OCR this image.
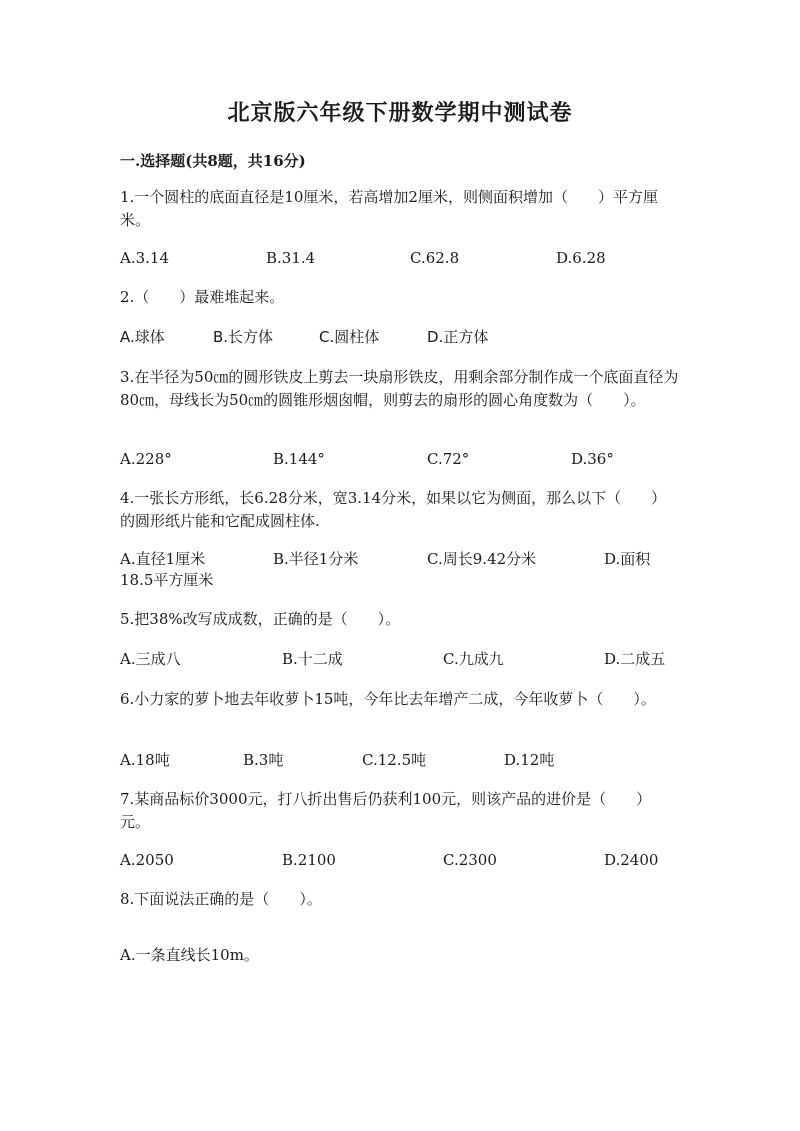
北京版六年级下册数学期中测试卷
一.选择题(共8题，共16分)
1.一个圆柱的底面直径是10厘米，若高增加2厘米，则侧面积增加（　　）平方厘米。
A.3.14	B.31.4	C.62.8	D.6.28
2.（　　）最难堆起来。
A.球体	B.长方体	C.圆柱体	D.正方体
3.在半径为50㎝的圆形铁皮上剪去一块扇形铁皮，用剩余部分制作成一个底面直径为80㎝，母线长为50㎝的圆锥形烟囱帽，则剪去的扇形的圆心角度数为（　　）。
A.228°	B.144°	C.72°	D.36°
4.一张长方形纸，长6.28分米，宽3.14分米，如果以它为侧面，那么以下（　　）的圆形纸片能和它配成圆柱体.
A.直径1厘米	B.半径1分米	C.周长9.42分米	D.面积
18.5平方厘米
5.把38%改写成成数，正确的是（　　）。
A.三成八	B.十二成	C.九成九	D.二成五
6.小力家的萝卜地去年收萝卜15吨，今年比去年增产二成，今年收萝卜（　　）。
A.18吨	B.3吨	C.12.5吨	D.12吨
7.某商品标价3000元，打八折出售后仍获利100元，则该产品的进价是（　　）元。
A.2050	B.2100	C.2300	D.2400
8.下面说法正确的是（　　）。
A.一条直线长10m。
